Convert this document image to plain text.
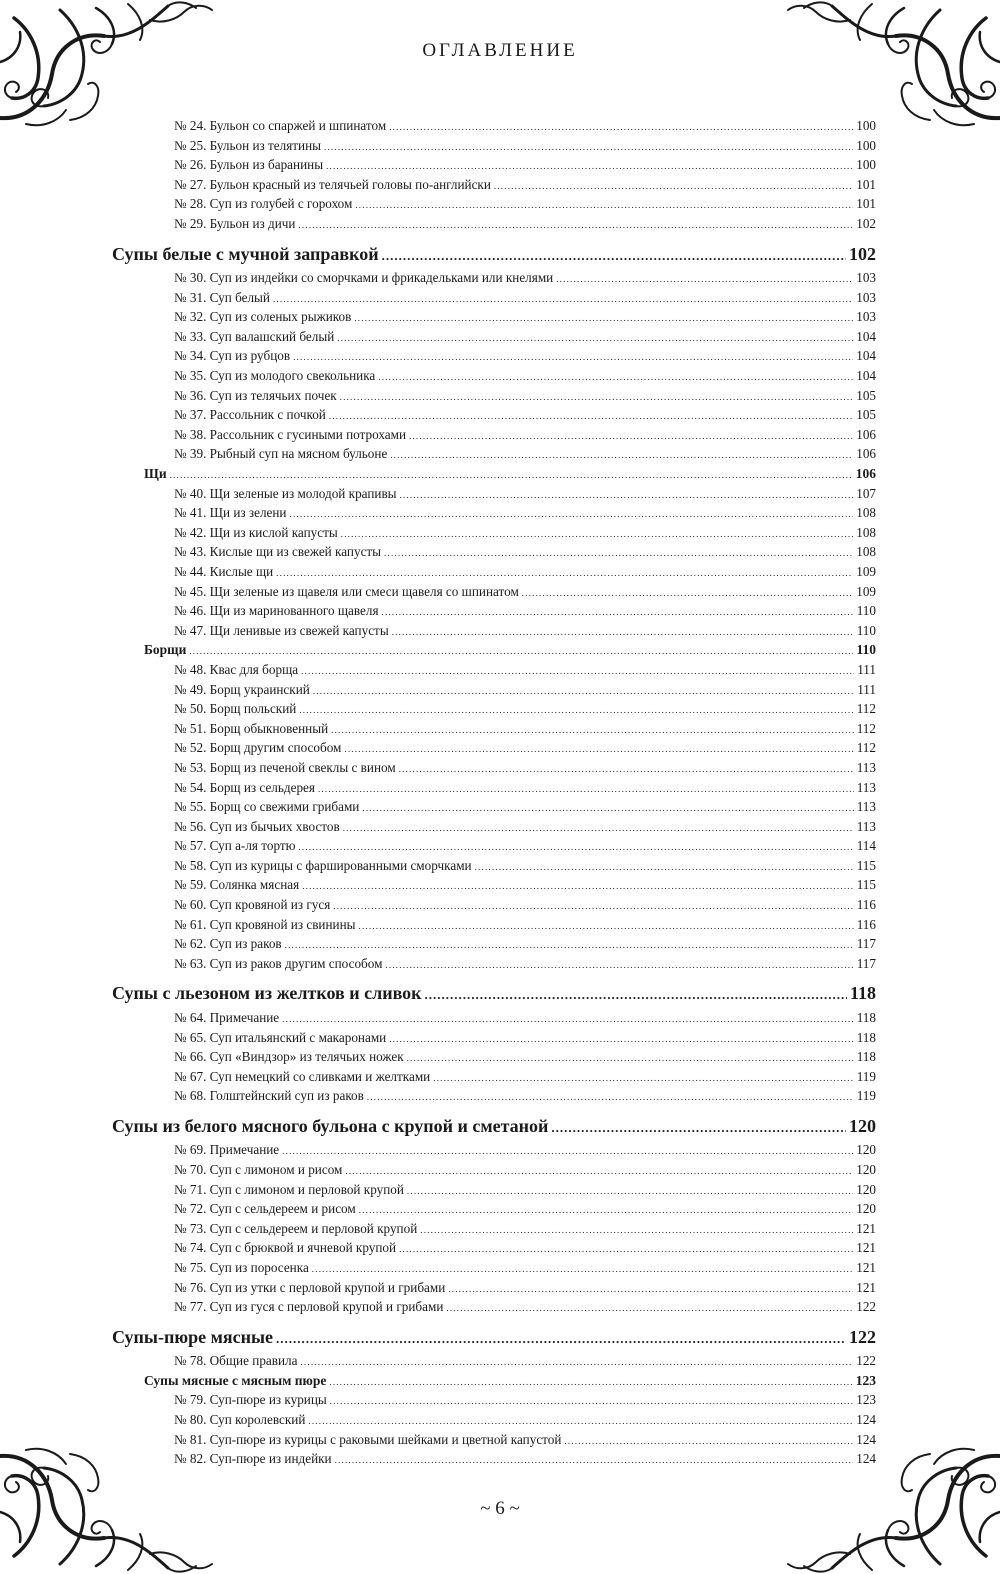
ОГЛАВЛЕНИЕ
№ 24. Бульон со спаржей и шпинатом .....	100
№ 25. Бульон из телятины .....	100
№ 26. Бульон из баранины .....	100
№ 27. Бульон красный из телячьей головы по-английски .....	101
№ 28. Суп из голубей с горохом .....	101
№ 29. Бульон из дичи .....	102
Супы белые с мучной заправкой .....	102
№ 30. Суп из индейки со сморчками и фрикадельками или кнелями .....	103
№ 31. Суп белый .....	103
№ 32. Суп из соленых рыжиков .....	103
№ 33. Суп валашский белый .....	104
№ 34. Суп из рубцов .....	104
№ 35. Суп из молодого свекольника .....	104
№ 36. Суп из телячьих почек .....	105
№ 37. Рассольник с почкой .....	105
№ 38. Рассольник с гусиными потрохами .....	106
№ 39. Рыбный суп на мясном бульоне .....	106
Щи .....	106
№ 40. Щи зеленые из молодой крапивы .....	107
№ 41. Щи из зелени .....	108
№ 42. Щи из кислой капусты .....	108
№ 43. Кислые щи из свежей капусты .....	108
№ 44. Кислые щи .....	109
№ 45. Щи зеленые из щавеля или смеси щавеля со шпинатом .....	109
№ 46. Щи из маринованного щавеля .....	110
№ 47. Щи ленивые из свежей капусты .....	110
Борщи .....	110
№ 48. Квас для борща .....	111
№ 49. Борщ украинский .....	111
№ 50. Борщ польский .....	112
№ 51. Борщ обыкновенный .....	112
№ 52. Борщ другим способом .....	112
№ 53. Борщ из печеной свеклы с вином .....	113
№ 54. Борщ из сельдерея .....	113
№ 55. Борщ со свежими грибами .....	113
№ 56. Суп из бычьих хвостов .....	113
№ 57. Суп а-ля тортю .....	114
№ 58. Суп из курицы с фаршированными сморчками .....	115
№ 59. Солянка мясная .....	115
№ 60. Суп кровяной из гуся .....	116
№ 61. Суп кровяной из свинины .....	116
№ 62. Суп из раков .....	117
№ 63. Суп из раков другим способом .....	117
Супы с льезоном из желтков и сливок .....	118
№ 64. Примечание .....	118
№ 65. Суп итальянский с макаронами .....	118
№ 66. Суп «Виндзор» из телячьих ножек .....	118
№ 67. Суп немецкий со сливками и желтками .....	119
№ 68. Голштейнский суп из раков .....	119
Супы из белого мясного бульона с крупой и сметаной .....	120
№ 69. Примечание .....	120
№ 70. Суп с лимоном и рисом .....	120
№ 71. Суп с лимоном и перловой крупой .....	120
№ 72. Суп с сельдереем и рисом .....	120
№ 73. Суп с сельдереем и перловой крупой .....	121
№ 74. Суп с брюквой и ячневой крупой .....	121
№ 75. Суп из поросенка .....	121
№ 76. Суп из утки с перловой крупой и грибами .....	121
№ 77. Суп из гуся с перловой крупой и грибами .....	122
Супы-пюре мясные .....	122
№ 78. Общие правила .....	122
Супы мясные с мясным пюре .....	123
№ 79. Суп-пюре из курицы .....	123
№ 80. Суп королевский .....	124
№ 81. Суп-пюре из курицы с раковыми шейками и цветной капустой .....	124
№ 82. Суп-пюре из индейки .....	124
~ 6 ~
